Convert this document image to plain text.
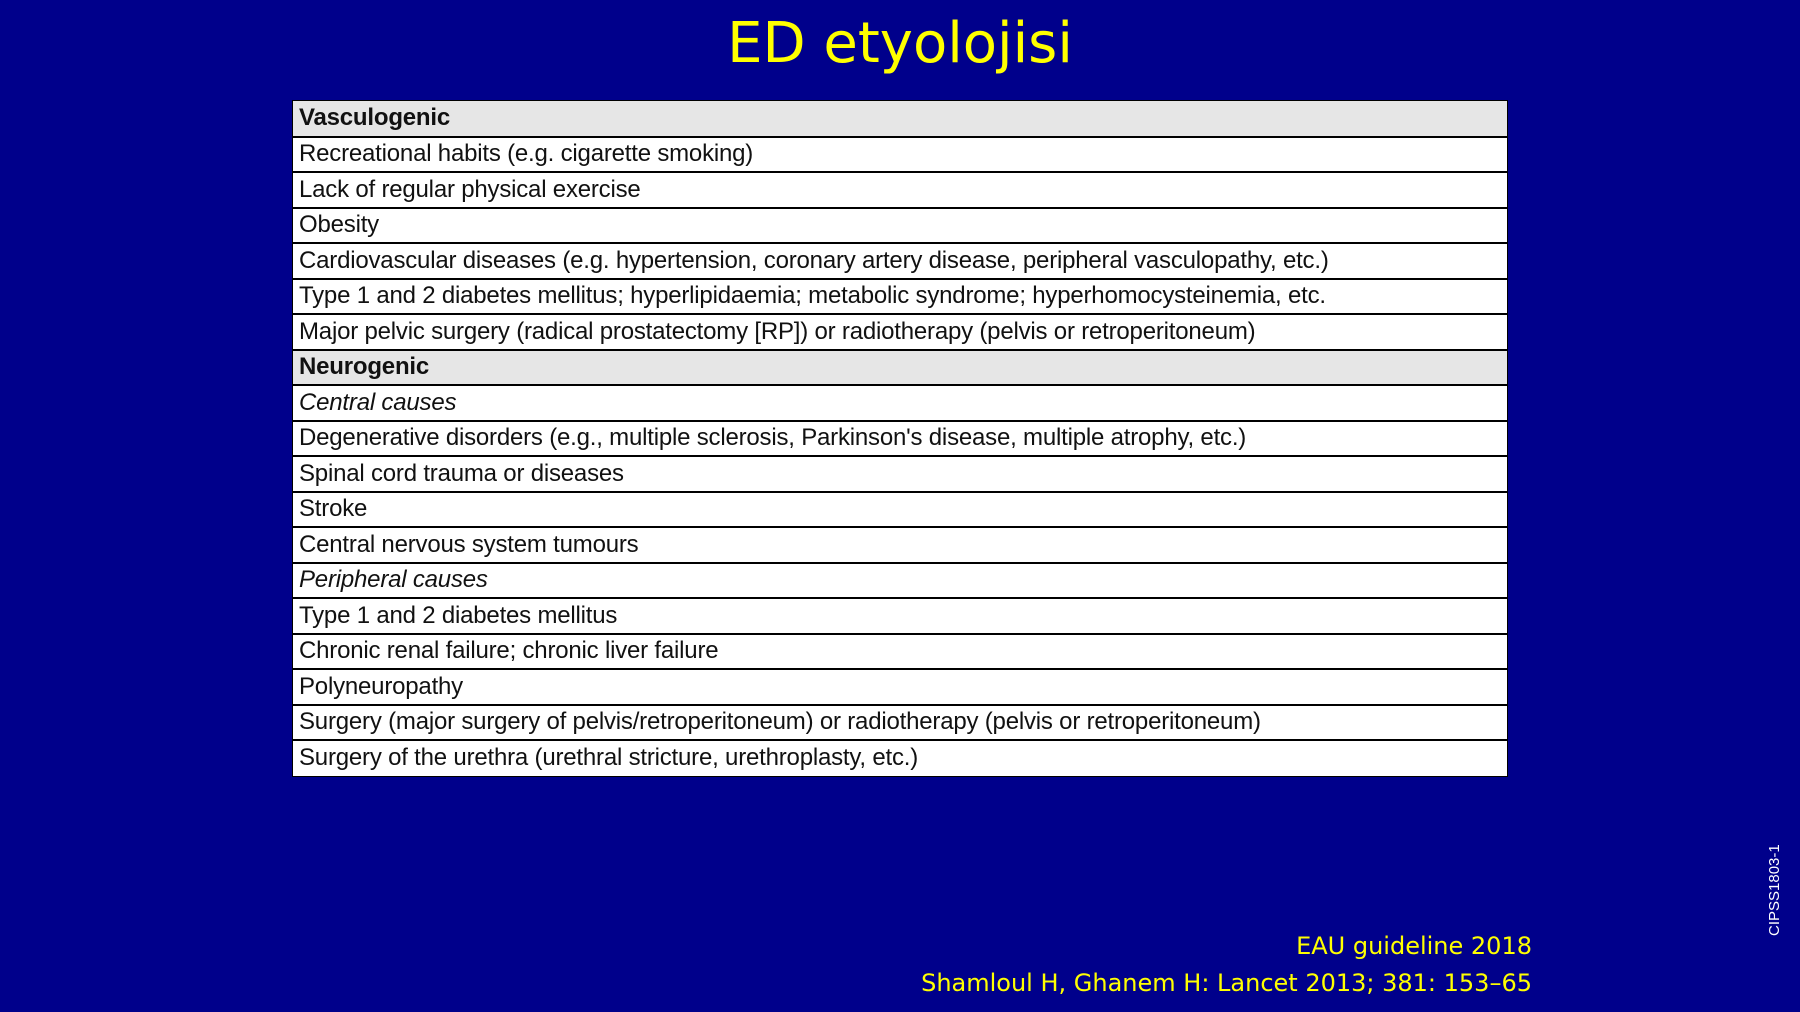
ED etyolojisi
Vasculogenic
Recreational habits (e.g. cigarette smoking)
Lack of regular physical exercise
Obesity
Cardiovascular diseases (e.g. hypertension, coronary artery disease, peripheral vasculopathy, etc.)
Type 1 and 2 diabetes mellitus; hyperlipidaemia; metabolic syndrome; hyperhomocysteinemia, etc.
Major pelvic surgery (radical prostatectomy [RP]) or radiotherapy (pelvis or retroperitoneum)
Neurogenic
Central causes
Degenerative disorders (e.g., multiple sclerosis, Parkinson's disease, multiple atrophy, etc.)
Spinal cord trauma or diseases
Stroke
Central nervous system tumours
Peripheral causes
Type 1 and 2 diabetes mellitus
Chronic renal failure; chronic liver failure
Polyneuropathy
Surgery (major surgery of pelvis/retroperitoneum) or radiotherapy (pelvis or retroperitoneum)
Surgery of the urethra (urethral stricture, urethroplasty, etc.)
EAU guideline 2018
Shamloul H, Ghanem H: Lancet 2013; 381: 153–65
CIPSS1803-1
